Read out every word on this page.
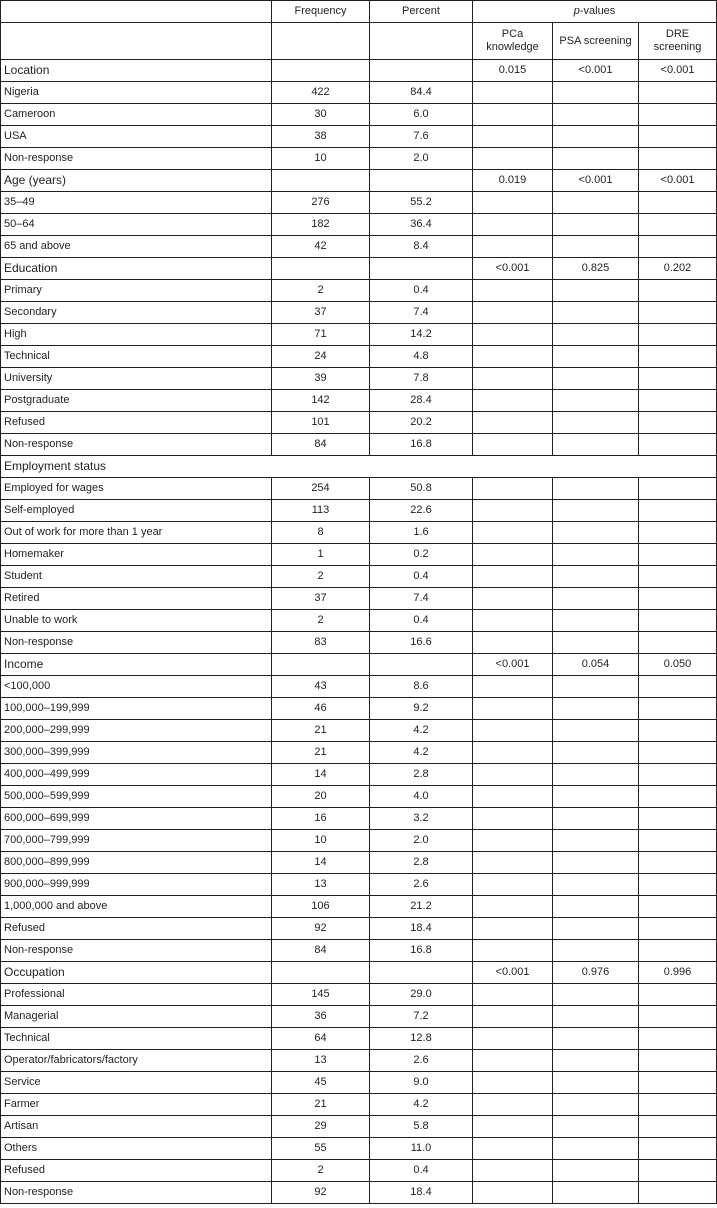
	Frequency	Percent	p-values		
			PCa knowledge	PSA screening	DRE screening
Location			0.015	<0.001	<0.001
Nigeria	422	84.4			
Cameroon	30	6.0			
USA	38	7.6			
Non-response	10	2.0			
Age (years)			0.019	<0.001	<0.001
35–49	276	55.2			
50–64	182	36.4			
65 and above	42	8.4			
Education			<0.001	0.825	0.202
Primary	2	0.4			
Secondary	37	7.4			
High	71	14.2			
Technical	24	4.8			
University	39	7.8			
Postgraduate	142	28.4			
Refused	101	20.2			
Non-response	84	16.8			
Employment status					
Employed for wages	254	50.8			
Self-employed	113	22.6			
Out of work for more than 1 year	8	1.6			
Homemaker	1	0.2			
Student	2	0.4			
Retired	37	7.4			
Unable to work	2	0.4			
Non-response	83	16.6			
Income			<0.001	0.054	0.050
<100,000	43	8.6			
100,000–199,999	46	9.2			
200,000–299,999	21	4.2			
300,000–399,999	21	4.2			
400,000–499,999	14	2.8			
500,000–599,999	20	4.0			
600,000–699,999	16	3.2			
700,000–799,999	10	2.0			
800,000–899,999	14	2.8			
900,000–999,999	13	2.6			
1,000,000 and above	106	21.2			
Refused	92	18.4			
Non-response	84	16.8			
Occupation			<0.001	0.976	0.996
Professional	145	29.0			
Managerial	36	7.2			
Technical	64	12.8			
Operator/fabricators/factory	13	2.6			
Service	45	9.0			
Farmer	21	4.2			
Artisan	29	5.8			
Others	55	11.0			
Refused	2	0.4			
Non-response	92	18.4			
